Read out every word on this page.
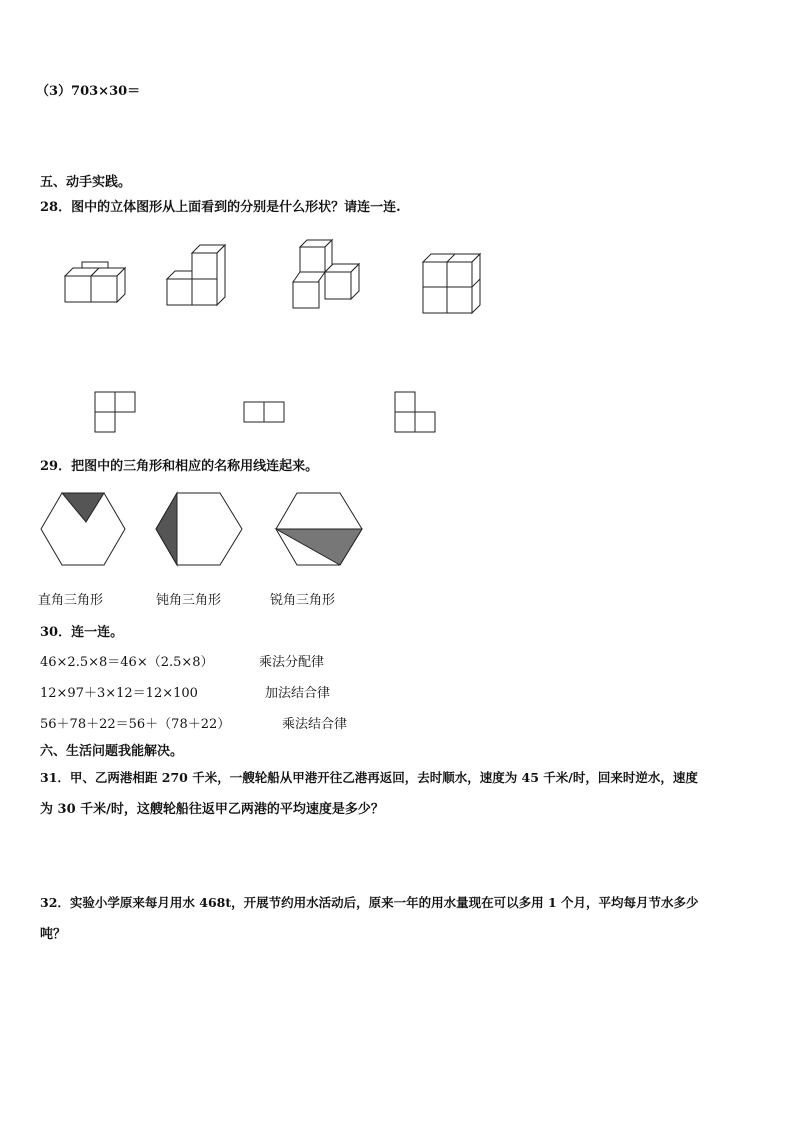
（3）703×30＝
五、动手实践。
28．图中的立体图形从上面看到的分别是什么形状？请连一连.
29．把图中的三角形和相应的名称用线连起来。
直角三角形	钝角三角形	锐角三角形
30．连一连。
46×2.5×8＝46×（2.5×8）	乘法分配律
12×97＋3×12＝12×100	加法结合律
56＋78＋22＝56＋（78＋22）	乘法结合律
六、生活问题我能解决。
31．甲、乙两港相距 270 千米，一艘轮船从甲港开往乙港再返回，去时顺水，速度为 45 千米/时，回来时逆水，速度
为 30 千米/时，这艘轮船往返甲乙两港的平均速度是多少？
32．实验小学原来每月用水 468t，开展节约用水活动后，原来一年的用水量现在可以多用 1 个月，平均每月节水多少
吨？
